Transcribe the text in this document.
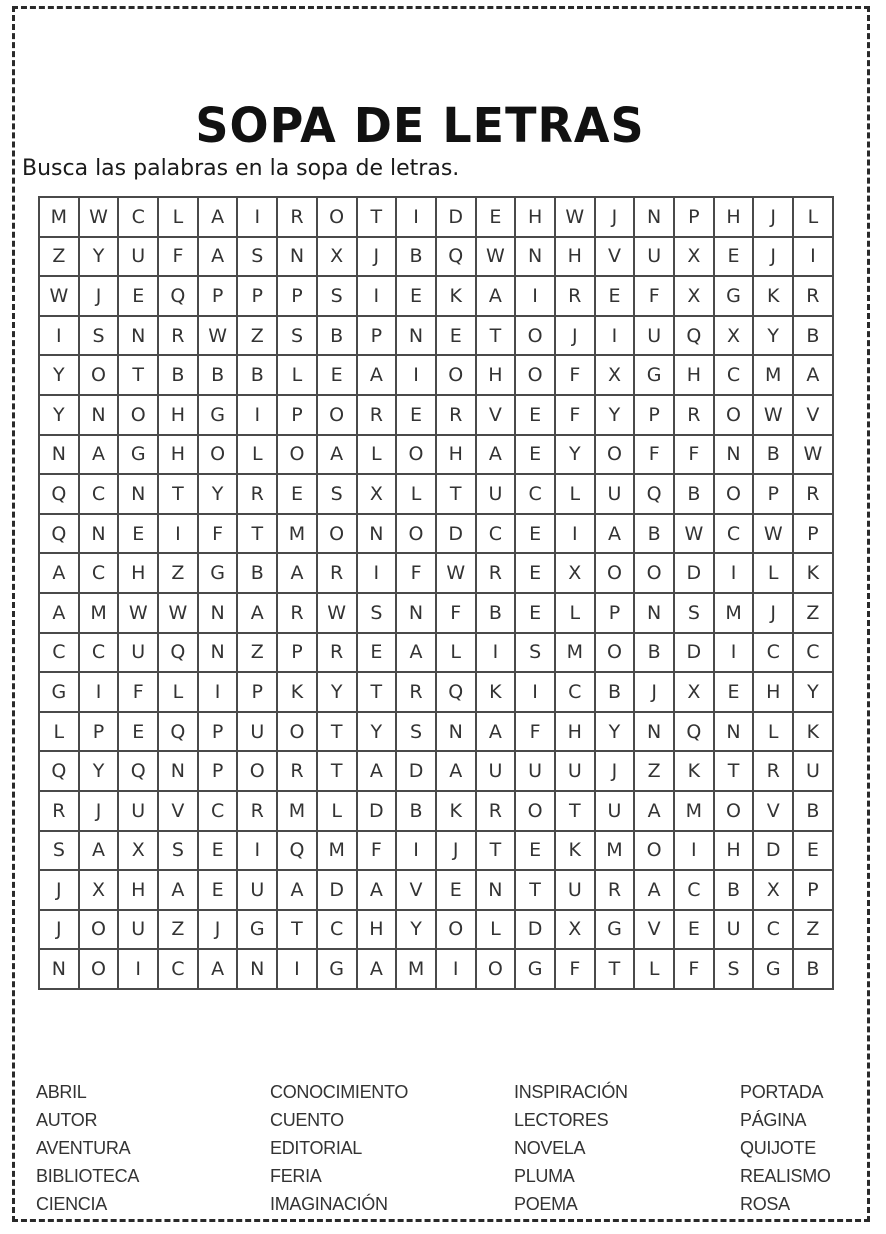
SOPA DE LETRAS
Busca las palabras en la sopa de letras.
M	W	C	L	A	I	R	O	T	I	D	E	H	W	J	N	P	H	J	L
Z	Y	U	F	A	S	N	X	J	B	Q	W	N	H	V	U	X	E	J	I
W	J	E	Q	P	P	P	S	I	E	K	A	I	R	E	F	X	G	K	R
I	S	N	R	W	Z	S	B	P	N	E	T	O	J	I	U	Q	X	Y	B
Y	O	T	B	B	B	L	E	A	I	O	H	O	F	X	G	H	C	M	A
Y	N	O	H	G	I	P	O	R	E	R	V	E	F	Y	P	R	O	W	V
N	A	G	H	O	L	O	A	L	O	H	A	E	Y	O	F	F	N	B	W
Q	C	N	T	Y	R	E	S	X	L	T	U	C	L	U	Q	B	O	P	R
Q	N	E	I	F	T	M	O	N	O	D	C	E	I	A	B	W	C	W	P
A	C	H	Z	G	B	A	R	I	F	W	R	E	X	O	O	D	I	L	K
A	M	W	W	N	A	R	W	S	N	F	B	E	L	P	N	S	M	J	Z
C	C	U	Q	N	Z	P	R	E	A	L	I	S	M	O	B	D	I	C	C
G	I	F	L	I	P	K	Y	T	R	Q	K	I	C	B	J	X	E	H	Y
L	P	E	Q	P	U	O	T	Y	S	N	A	F	H	Y	N	Q	N	L	K
Q	Y	Q	N	P	O	R	T	A	D	A	U	U	U	J	Z	K	T	R	U
R	J	U	V	C	R	M	L	D	B	K	R	O	T	U	A	M	O	V	B
S	A	X	S	E	I	Q	M	F	I	J	T	E	K	M	O	I	H	D	E
J	X	H	A	E	U	A	D	A	V	E	N	T	U	R	A	C	B	X	P
J	O	U	Z	J	G	T	C	H	Y	O	L	D	X	G	V	E	U	C	Z
N	O	I	C	A	N	I	G	A	M	I	O	G	F	T	L	F	S	G	B
ABRIL
AUTOR
AVENTURA
BIBLIOTECA
CIENCIA
CONOCIMIENTO
CUENTO
EDITORIAL
FERIA
IMAGINACIÓN
INSPIRACIÓN
LECTORES
NOVELA
PLUMA
POEMA
PORTADA
PÁGINA
QUIJOTE
REALISMO
ROSA
